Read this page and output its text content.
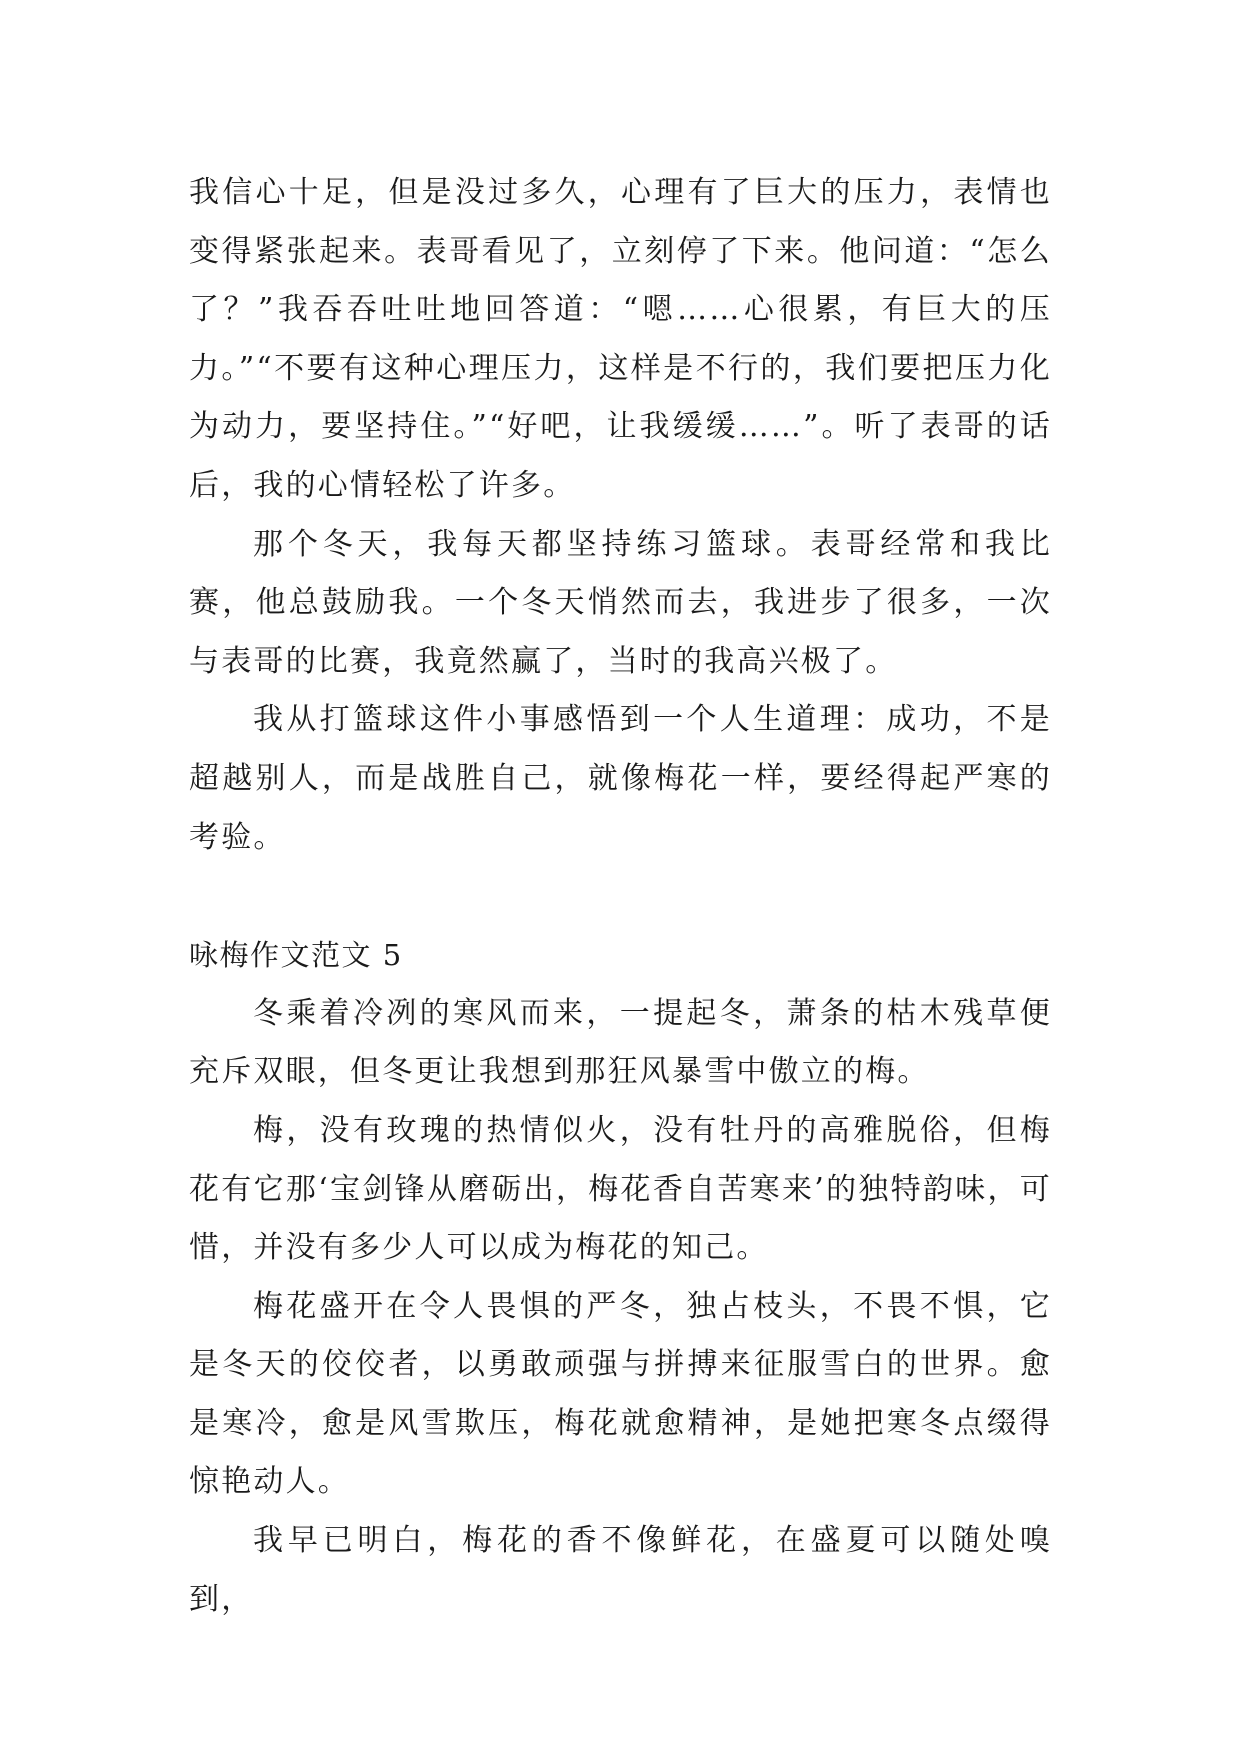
我信心十足，但是没过多久，心理有了巨大的压力，表情也变得紧张起来。表哥看见了，立刻停了下来。他问道：“怎么了？”我吞吞吐吐地回答道：“嗯……心很累，有巨大的压力。”“不要有这种心理压力，这样是不行的，我们要把压力化为动力，要坚持住。”“好吧，让我缓缓……”。听了表哥的话后，我的心情轻松了许多。

那个冬天，我每天都坚持练习篮球。表哥经常和我比赛，他总鼓励我。一个冬天悄然而去，我进步了很多，一次与表哥的比赛，我竟然赢了，当时的我高兴极了。

我从打篮球这件小事感悟到一个人生道理：成功，不是超越别人，而是战胜自己，就像梅花一样，要经得起严寒的考验。

咏梅作文范文 5

冬乘着冷冽的寒风而来，一提起冬，萧条的枯木残草便充斥双眼，但冬更让我想到那狂风暴雪中傲立的梅。

梅，没有玫瑰的热情似火，没有牡丹的高雅脱俗，但梅花有它那‘宝剑锋从磨砺出，梅花香自苦寒来’的独特韵味，可惜，并没有多少人可以成为梅花的知己。

梅花盛开在令人畏惧的严冬，独占枝头，不畏不惧，它是冬天的佼佼者，以勇敢顽强与拼搏来征服雪白的世界。愈是寒冷，愈是风雪欺压，梅花就愈精神，是她把寒冬点缀得惊艳动人。

我早已明白，梅花的香不像鲜花，在盛夏可以随处嗅到，
